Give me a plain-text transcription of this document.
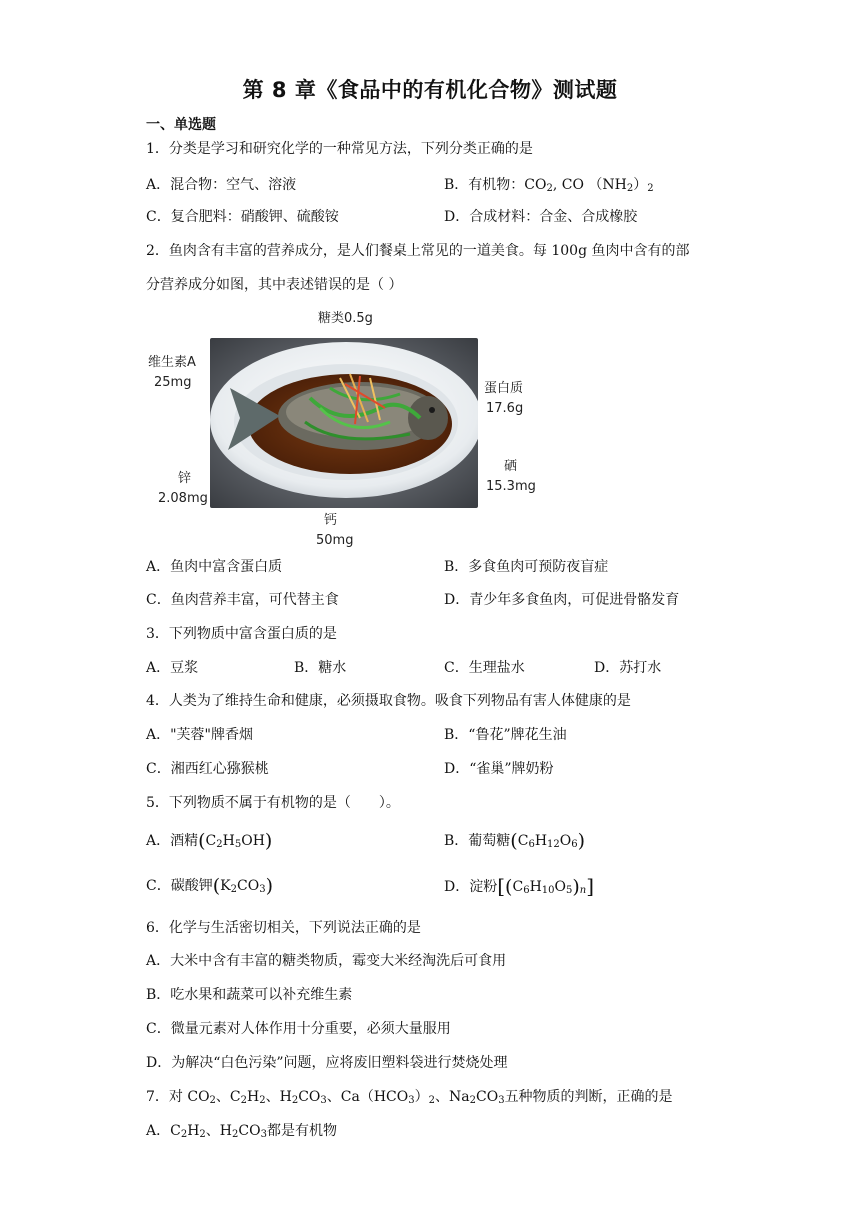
第 8 章《食品中的有机化合物》测试题
一、单选题
1．分类是学习和研究化学的一种常见方法，下列分类正确的是
A．混合物：空气、溶液	B．有机物：$CO_2$, CO $(NH_2)_2$
C．复合肥料：硝酸钾、硫酸铵	D．合成材料：合金、合成橡胶
2．鱼肉含有丰富的营养成分，是人们餐桌上常见的一道美食。每 100g 鱼肉中含有的部
分营养成分如图，其中表述错误的是（ ）
糖类0.5g
维生素A
25mg	蛋白质
17.6g
锌
2.08mg
硒
15.3mg
钙
50mg
A．鱼肉中富含蛋白质	B．多食鱼肉可预防夜盲症
C．鱼肉营养丰富，可代替主食	D．青少年多食鱼肉，可促进骨骼发育
3．下列物质中富含蛋白质的是
A．豆浆	B．糖水	C．生理盐水	D．苏打水
4．人类为了维持生命和健康，必须摄取食物。吸食下列物品有害人体健康的是
A．"芙蓉"牌香烟	B．“鲁花”牌花生油
C．湘西红心猕猴桃	D．“雀巢”牌奶粉
5．下列物质不属于有机物的是（　　）。
A．酒精$(C_2H_5OH)$	B．葡萄糖$(C_6H_{12}O_6)$
C．碳酸钾$(K_2CO_3)$	D．淀粉$[(C_6H_{10}O_5)_n]$
6．化学与生活密切相关，下列说法正确的是
A．大米中含有丰富的糖类物质，霉变大米经淘洗后可食用
B．吃水果和蔬菜可以补充维生素
C．微量元素对人体作用十分重要，必须大量服用
D．为解决“白色污染”问题，应将废旧塑料袋进行焚烧处理
7．对 $CO_2$、$C_2H_2$、$H_2CO_3$、$Ca(HCO_3)_2$、$Na_2CO_3$五种物质的判断，正确的是
A．$C_2H_2$、$H_2CO_3$都是有机物
